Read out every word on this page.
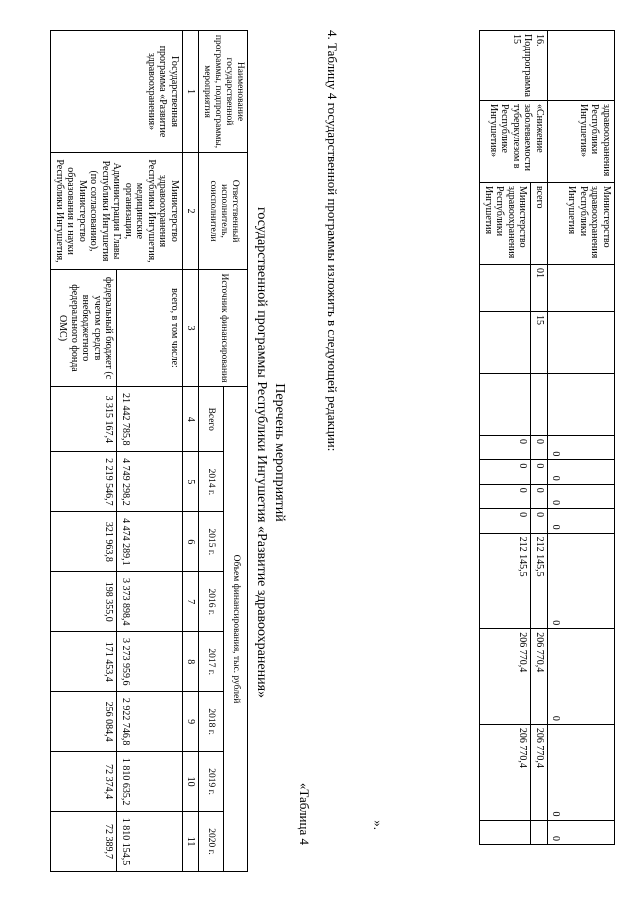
	здравоохранения Республики Ингушетия»	Министерство здравоохранения Республики Ингушетия				0	0	0	0	0	0	0	0
16. Подпрограмма 15	«Снижение заболеваемости туберкулезом в Республике Ингушетия»	всего	01	15		0	0	0	0	212 145,5	206 770,4	206 770,4	
		Министерство здравоохранения Республики Ингушетия				0	0	0	0	212 145,5	206 770,4	206 770,4	
».
4. Таблицу 4 государственной программы изложить в следующей редакции:
«Таблица 4
Перечень мероприятий
государственной программы Республики Ингушетия «Развитие здравоохранения»
Наименование государственной программы, подпрограммы, мероприятия	Ответственный исполнитель, соисполнители	Источник финансирования	Объем финансирования, тыс. рублей							
			Всего	2014 г.	2015 г.	2016 г.	2017 г.	2018 г.	2019 г.	2020 г.
1	2	3	4	5	6	7	8	9	10	11
Государственная программа «Развитие здравоохранения»	Министерство здравоохранения Республики Ингушетия, медицинские организации, Администрация Главы Республики Ингушетия (по согласованию), Министерство образования и науки Республики Ингушетия,	всего, в том числе:	21 442 785,8	4 749 298,2	4 474 289,1	3 373 898,4	3 273 959,6	2 922 746,8	1 810 635,2	1 810 154,5
		федеральный бюджет (с учетом средств внебюджетного федерального фонда ОМС)	3 315 167,4	2 219 546,7	321 963,8	198 355,0	171 453,4	256 084,4	72 374,4	72 389,7
